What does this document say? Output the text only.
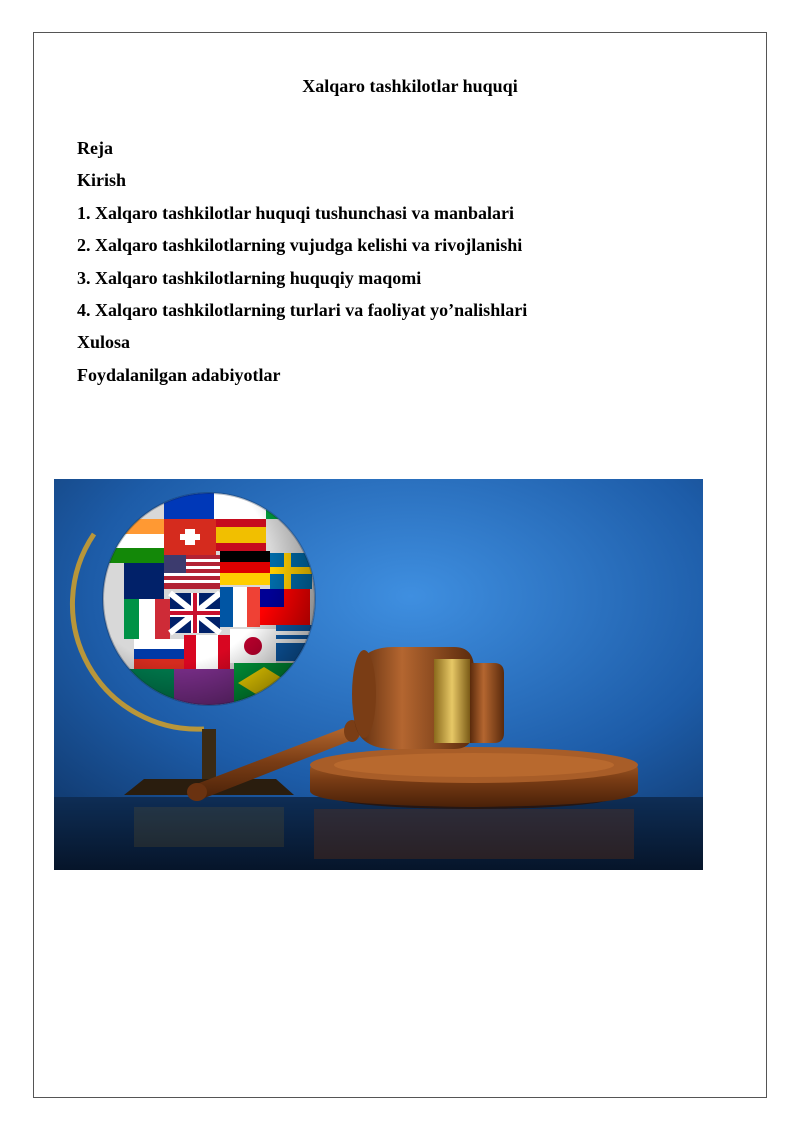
Xalqaro tashkilotlar huquqi
Reja
Kirish
1. Xalqaro tashkilotlar huquqi tushunchasi va manbalari
2. Xalqaro tashkilotlarning vujudga kelishi va rivojlanishi
3. Xalqaro tashkilotlarning huquqiy maqomi
4. Xalqaro tashkilotlarning turlari va faoliyat yo’nalishlari
Xulosa
Foydalanilgan adabiyotlar
